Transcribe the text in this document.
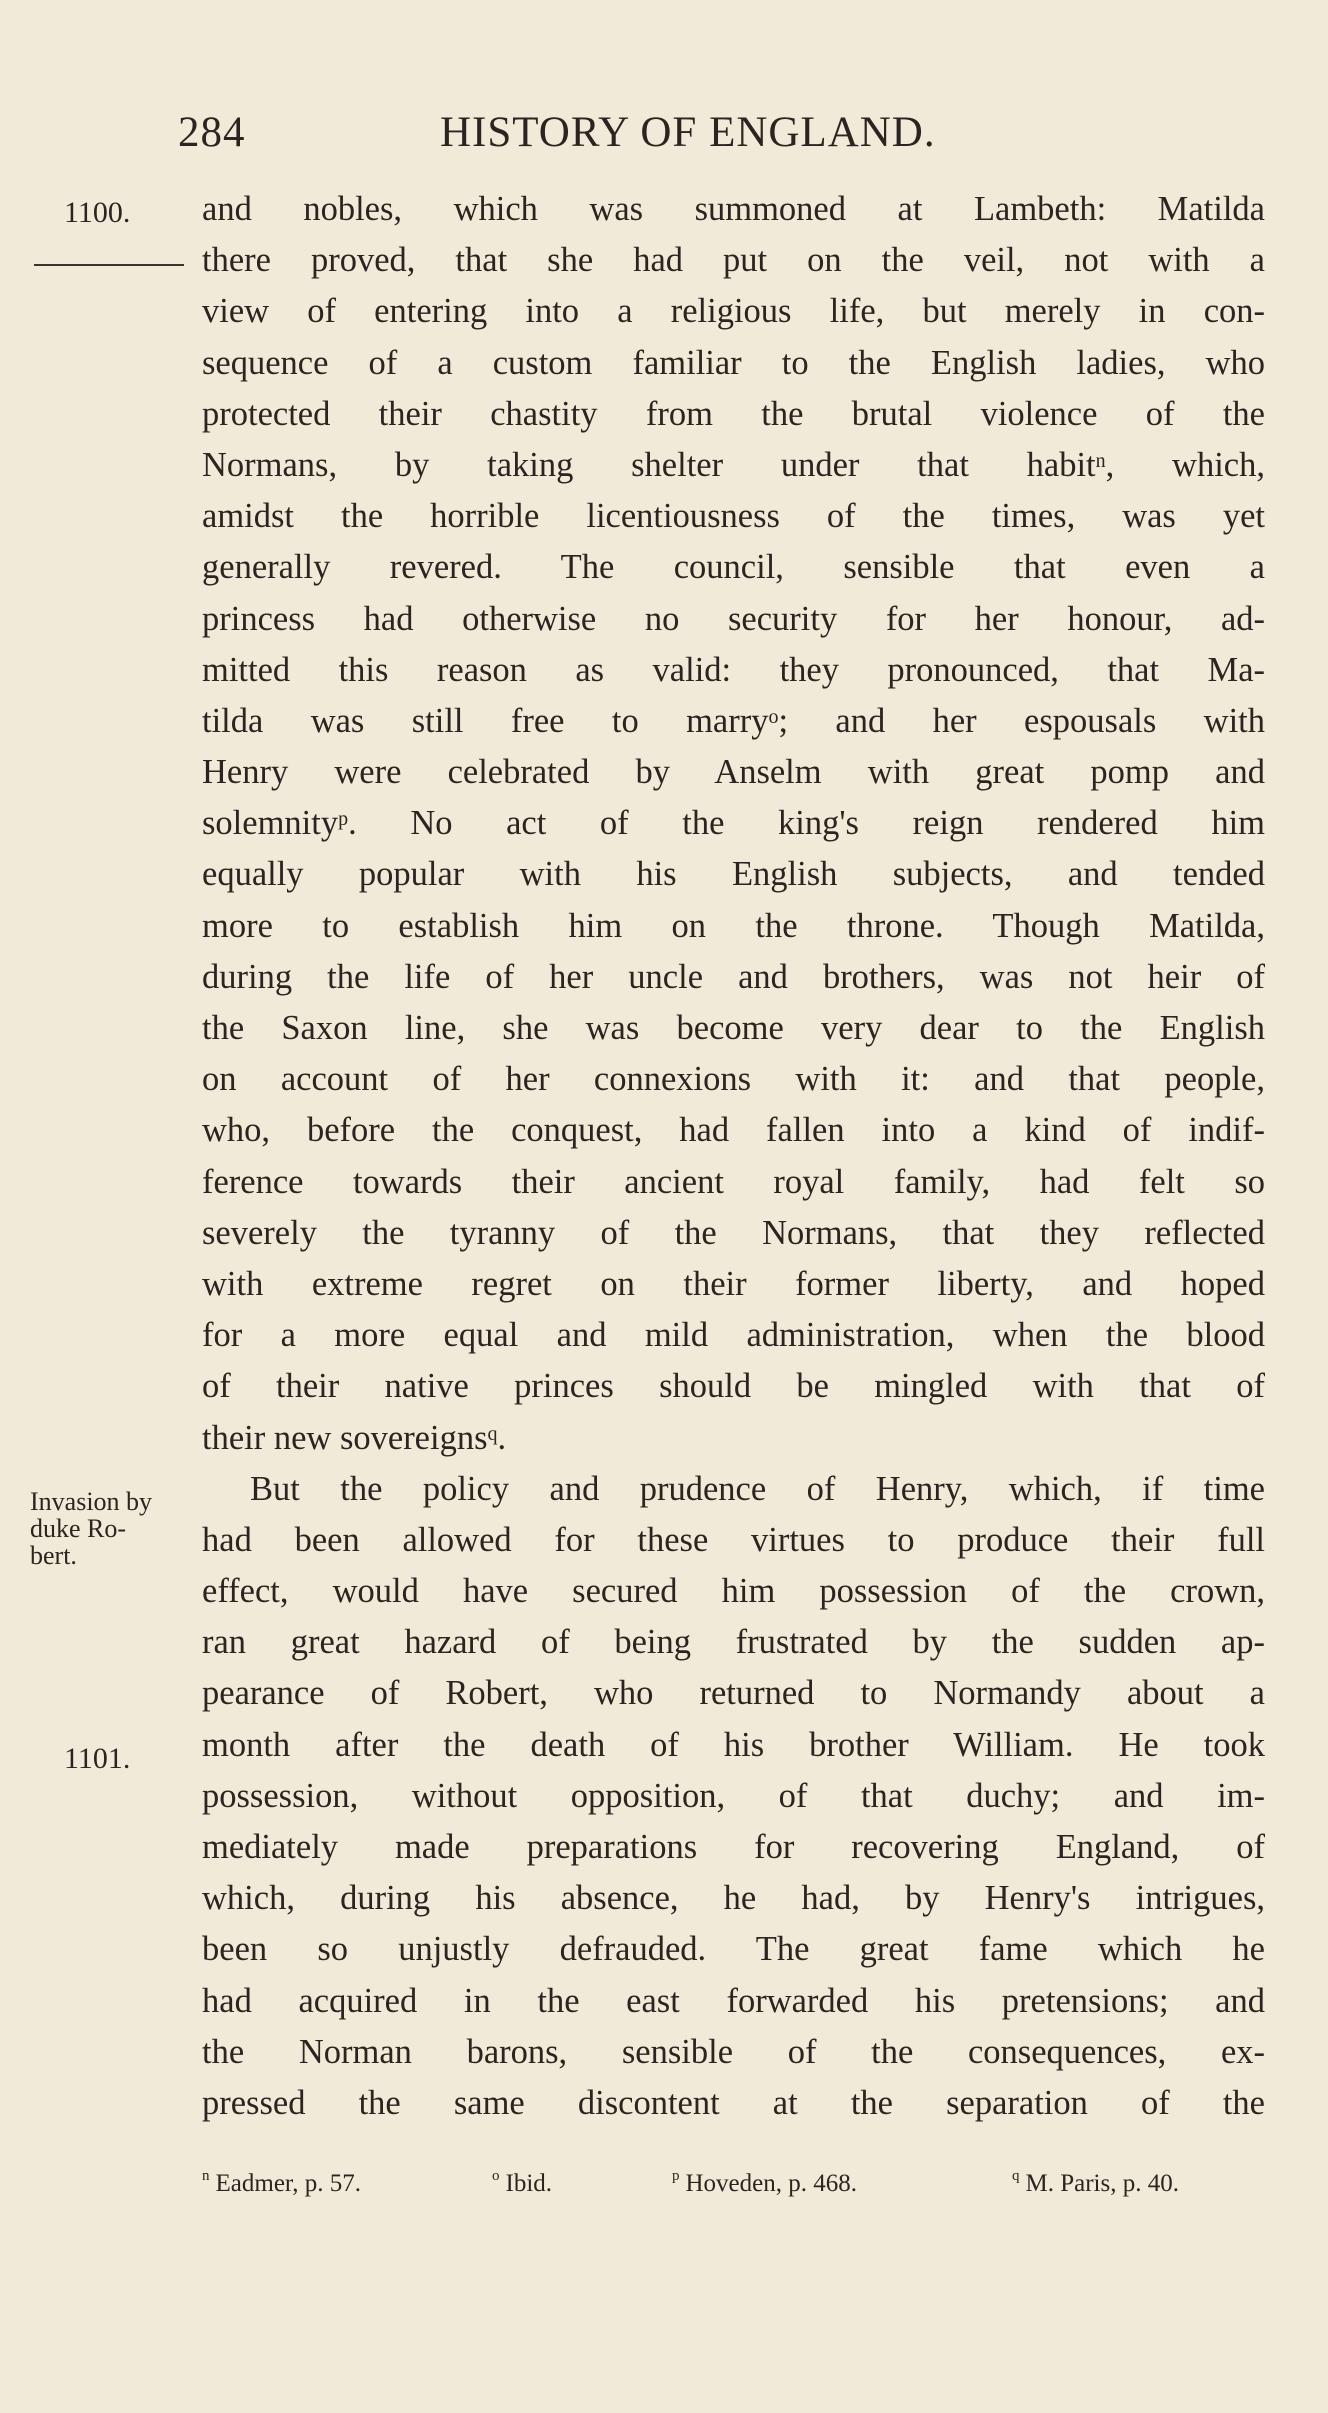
284	HISTORY OF ENGLAND.
1100.
Invasion by
duke Ro-
bert.
1101.
and nobles, which was summoned at Lambeth: Matilda
there proved, that she had put on the veil, not with a
view of entering into a religious life, but merely in con-
sequence of a custom familiar to the English ladies, who
protected their chastity from the brutal violence of the
Normans, by taking shelter under that habit$^n$, which,
amidst the horrible licentiousness of the times, was yet
generally revered. The council, sensible that even a
princess had otherwise no security for her honour, ad-
mitted this reason as valid: they pronounced, that Ma-
tilda was still free to marry$^o$; and her espousals with
Henry were celebrated by Anselm with great pomp and
solemnity$^p$. No act of the king's reign rendered him
equally popular with his English subjects, and tended
more to establish him on the throne. Though Matilda,
during the life of her uncle and brothers, was not heir of
the Saxon line, she was become very dear to the English
on account of her connexions with it: and that people,
who, before the conquest, had fallen into a kind of indif-
ference towards their ancient royal family, had felt so
severely the tyranny of the Normans, that they reflected
with extreme regret on their former liberty, and hoped
for a more equal and mild administration, when the blood
of their native princes should be mingled with that of
their new sovereigns$^q$.
But the policy and prudence of Henry, which, if time
had been allowed for these virtues to produce their full
effect, would have secured him possession of the crown,
ran great hazard of being frustrated by the sudden ap-
pearance of Robert, who returned to Normandy about a
month after the death of his brother William. He took
possession, without opposition, of that duchy; and im-
mediately made preparations for recovering England, of
which, during his absence, he had, by Henry's intrigues,
been so unjustly defrauded. The great fame which he
had acquired in the east forwarded his pretensions; and
the Norman barons, sensible of the consequences, ex-
pressed the same discontent at the separation of the
$^n$ Eadmer, p. 57.	$^o$ Ibid.	$^p$ Hoveden, p. 468.	$^q$ M. Paris, p. 40.
